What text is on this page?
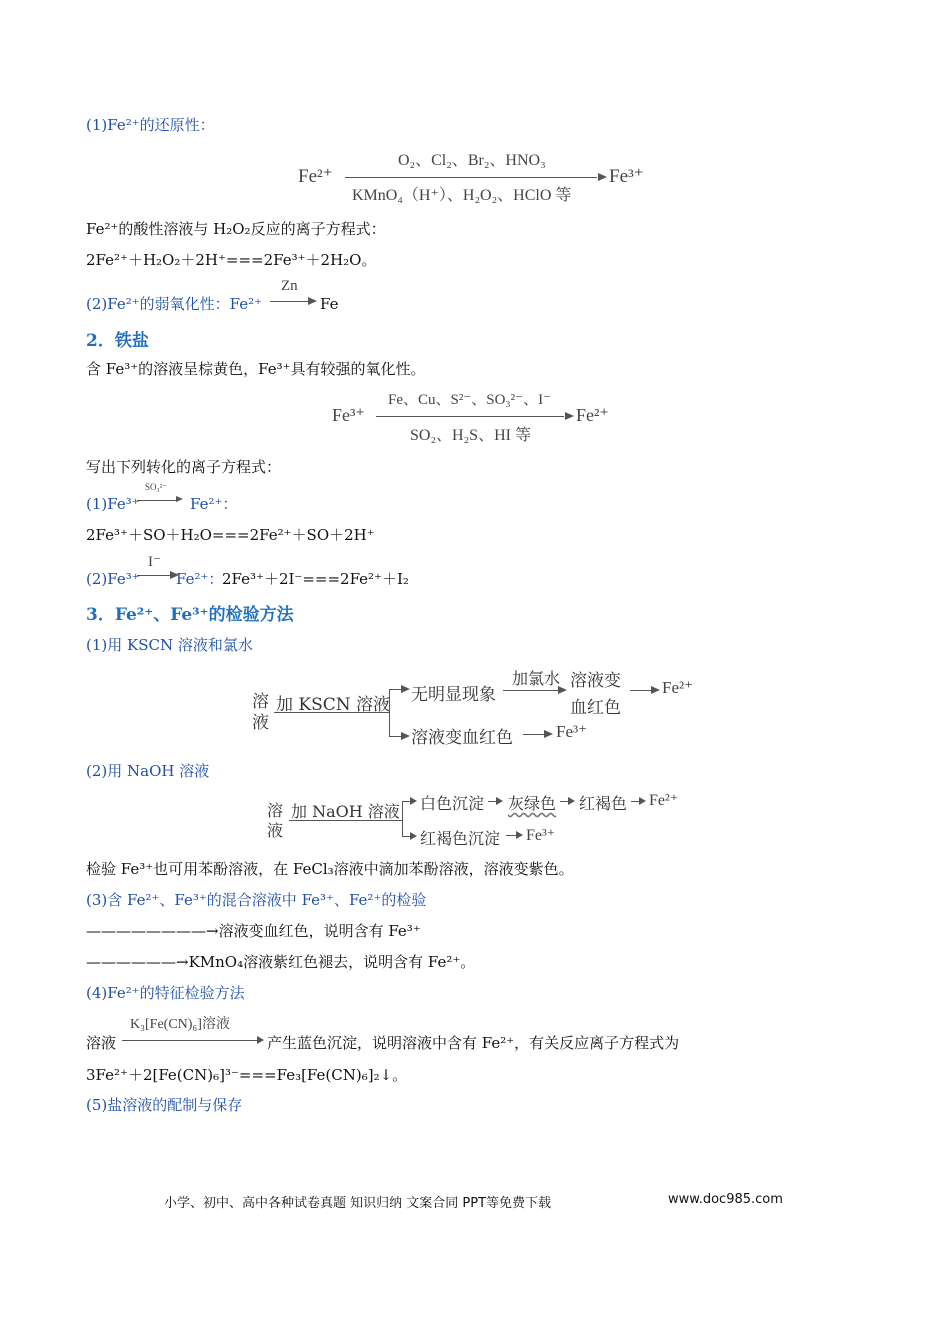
(1)Fe²⁺的还原性：
Fe²⁺
O₂、Cl₂、Br₂、HNO₃
KMnO₄（H⁺）、H₂O₂、HClO 等
Fe³⁺
Fe²⁺的酸性溶液与 H₂O₂反应的离子方程式：
2Fe²⁺＋H₂O₂＋2H⁺===2Fe³⁺＋2H₂O。
(2)Fe²⁺的弱氧化性：Fe²⁺
Zn
Fe
2．铁盐
含 Fe³⁺的溶液呈棕黄色，Fe³⁺具有较强的氧化性。
Fe³⁺
Fe、Cu、S²⁻、SO₃²⁻、I⁻
SO₂、H₂S、HI 等
Fe²⁺
写出下列转化的离子方程式：
(1)Fe³⁺
SO₃²⁻
Fe²⁺：
2Fe³⁺＋SO＋H₂O===2Fe²⁺＋SO＋2H⁺
(2)Fe³⁺
I⁻
Fe²⁺：
2Fe³⁺＋2I⁻===2Fe²⁺＋I₂
3．Fe²⁺、Fe³⁺的检验方法
(1)用 KSCN 溶液和氯水
溶
液
加 KSCN 溶液 无明显现象
加氯水 溶液变
血红色
Fe²⁺
溶液变血红色	Fe³⁺
(2)用 NaOH 溶液
溶
液
加 NaOH 溶液 白色沉淀 灰绿色 红褐色 Fe²⁺
红褐色沉淀 Fe³⁺
检验 Fe³⁺也可用苯酚溶液，在 FeCl₃溶液中滴加苯酚溶液，溶液变紫色。
(3)含 Fe²⁺、Fe³⁺的混合溶液中 Fe³⁺、Fe²⁺的检验
————————→溶液变血红色，说明含有 Fe³⁺
——————→KMnO₄溶液紫红色褪去，说明含有 Fe²⁺。
(4)Fe²⁺的特征检验方法
溶液
K₃[Fe(CN)₆]溶液
产生蓝色沉淀，说明溶液中含有 Fe²⁺，有关反应离子方程式为
3Fe²⁺＋2[Fe(CN)₆]³⁻===Fe₃[Fe(CN)₆]₂↓。
(5)盐溶液的配制与保存
小学、初中、高中各种试卷真题 知识归纳 文案合同 PPT等免费下载	www.doc985.com
